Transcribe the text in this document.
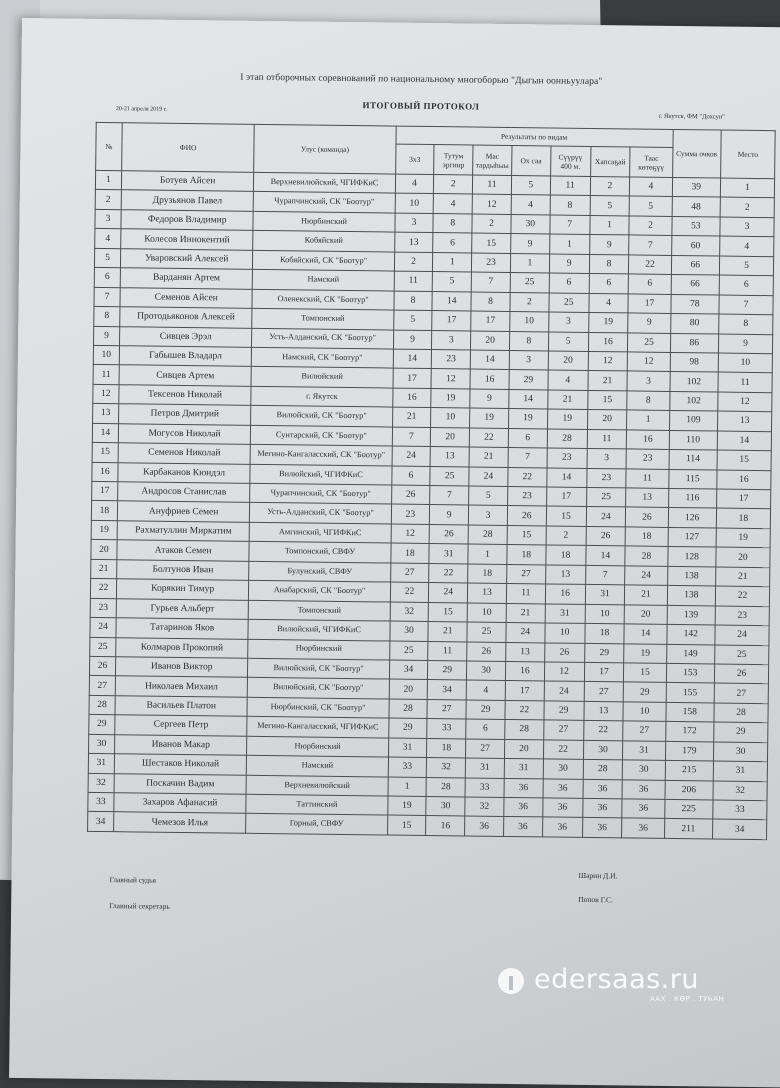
I этап отборочных соревнований по национальному многоборью "Дыгын оонньуулара"
ИТОГОВЫЙ ПРОТОКОЛ
20-21 апреля 2019 г.
г. Якутск, ФМ "Дохсун"
№	ФИО	Улус (команда)	Результаты по видам							Сумма очков	Место
			3х3	Тутум эргиир	Мас тардыhыы	Ох саа	Сүүрүү 400 м.	Хапсаҕай	Таас көтөҕүү		
1	Ботуев Айсен	Верхневилюйский, ЧГИФКиС	4	2	11	5	11	2	4	39	1
2	Друзьянов Павел	Чурапчинский, СК "Боотур"	10	4	12	4	8	5	5	48	2
3	Федоров Владимир	Нюрбинский	3	8	2	30	7	1	2	53	3
4	Колесов Иннокентий	Кобяйский	13	6	15	9	1	9	7	60	4
5	Уваровский Алексей	Кобяйский, СК "Боотур"	2	1	23	1	9	8	22	66	5
6	Варданян Артем	Намский	11	5	7	25	6	6	6	66	6
7	Семенов Айсен	Оленекский, СК "Боотур"	8	14	8	2	25	4	17	78	7
8	Протодьяконов Алексей	Томпонский	5	17	17	10	3	19	9	80	8
9	Сивцев Эрэл	Усть-Алданский, СК "Боотур"	9	3	20	8	5	16	25	86	9
10	Габышев Владарл	Намский, СК "Боотур"	14	23	14	3	20	12	12	98	10
11	Сивцев Артем	Вилюйский	17	12	16	29	4	21	3	102	11
12	Тексенов Николай	г. Якутск	16	19	9	14	21	15	8	102	12
13	Петров Дмитрий	Вилюйский, СК "Боотур"	21	10	19	19	19	20	1	109	13
14	Могусов Николай	Сунтарский, СК "Боотур"	7	20	22	6	28	11	16	110	14
15	Семенов Николай	Мегино-Кангаласский, СК "Боотур"	24	13	21	7	23	3	23	114	15
16	Карбаканов Кюндэл	Вилюйский, ЧГИФКиС	6	25	24	22	14	23	11	115	16
17	Андросов Станислав	Чурапчинский, СК "Боотур"	26	7	5	23	17	25	13	116	17
18	Ануфриев Семен	Усть-Алданский, СК "Боотур"	23	9	3	26	15	24	26	126	18
19	Рахматуллин Миркатим	Амгинский, ЧГИФКиС	12	26	28	15	2	26	18	127	19
20	Атаков Семен	Томпонский, СВФУ	18	31	1	18	18	14	28	128	20
21	Болтунов Иван	Булунский, СВФУ	27	22	18	27	13	7	24	138	21
22	Корякин Тимур	Анабарский, СК "Боотур"	22	24	13	11	16	31	21	138	22
23	Гурьев Альберт	Томпонский	32	15	10	21	31	10	20	139	23
24	Татаринов Яков	Вилюйский, ЧГИФКиС	30	21	25	24	10	18	14	142	24
25	Колмаров Прокопий	Нюрбинский	25	11	26	13	26	29	19	149	25
26	Иванов Виктор	Вилюйский, СК "Боотур"	34	29	30	16	12	17	15	153	26
27	Николаев Михаил	Вилюйский, СК "Боотур"	20	34	4	17	24	27	29	155	27
28	Васильев Платон	Нюрбинский, СК "Боотур"	28	27	29	22	29	13	10	158	28
29	Сергеев Петр	Мегино-Кангаласский, ЧГИФКиС	29	33	6	28	27	22	27	172	29
30	Иванов Макар	Нюрбинский	31	18	27	20	22	30	31	179	30
31	Шестаков Николай	Намский	33	32	31	31	30	28	30	215	31
32	Поскачин Вадим	Верхневилюйский	1	28	33	36	36	36	36	206	32
33	Захаров Афанасий	Таттинский	19	30	32	36	36	36	36	225	33
34	Чемезов Илья	Горный, СВФУ	15	16	36	36	36	36	36	211	34
Главный судья	Шарин Д.И.
Главный секретарь
Попов Г.С.
edersaas.ru
ААХ . КӨР . ТУҺАН
